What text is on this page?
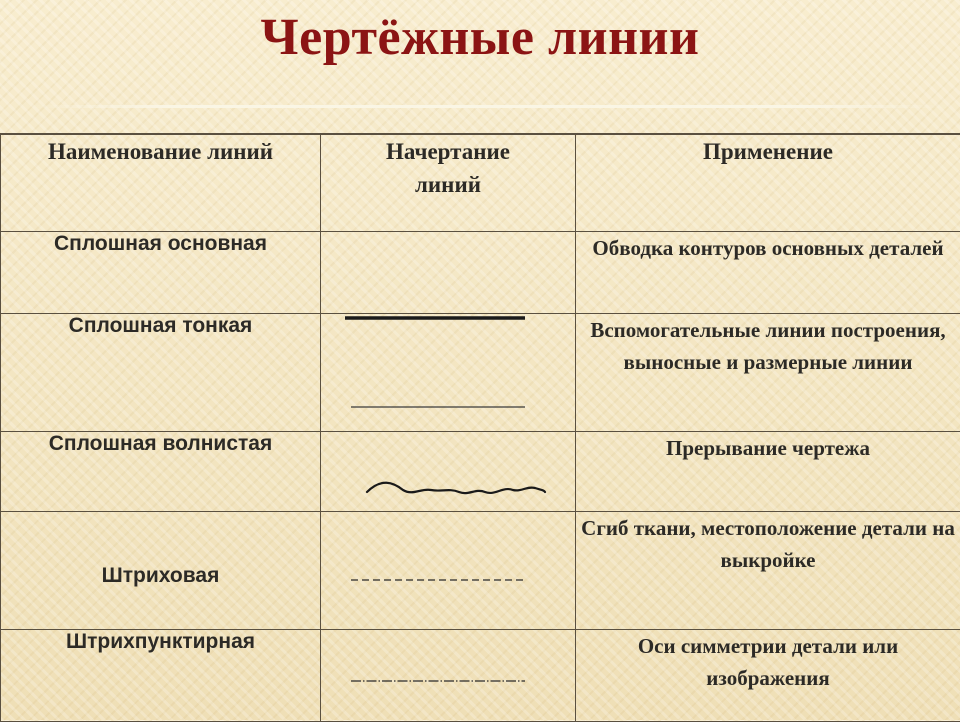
Чертёжные линии
Наименование линий	Начертание линий	Применение
Сплошная основная		Обводка контуров основных деталей
Сплошная тонкая		Вспомогательные линии построения, выносные и размерные линии
Сплошная волнистая		Прерывание чертежа
Штриховая		Сгиб ткани, местоположение детали на выкройке
Штрихпунктирная		Оси симметрии детали или изображения
